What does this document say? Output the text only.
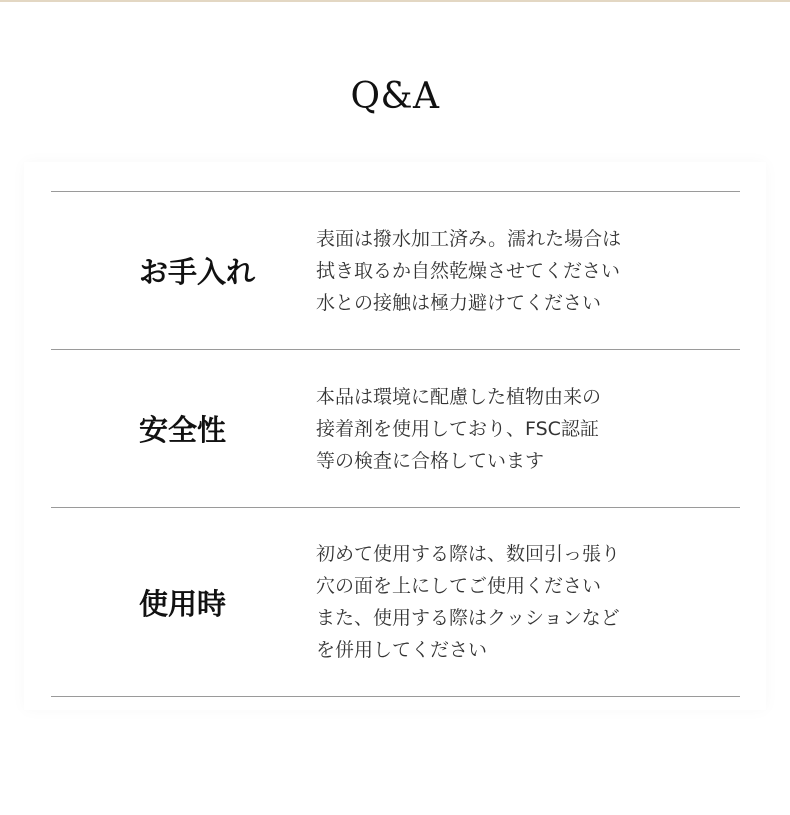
Q&A
お手入れ
表面は撥水加工済み。濡れた場合は
拭き取るか自然乾燥させてください
水との接触は極力避けてください
安全性
本品は環境に配慮した植物由来の
接着剤を使用しており、FSC認証
等の検査に合格しています
使用時
初めて使用する際は、数回引っ張り
穴の面を上にしてご使用ください
また、使用する際はクッションなど
を併用してください
